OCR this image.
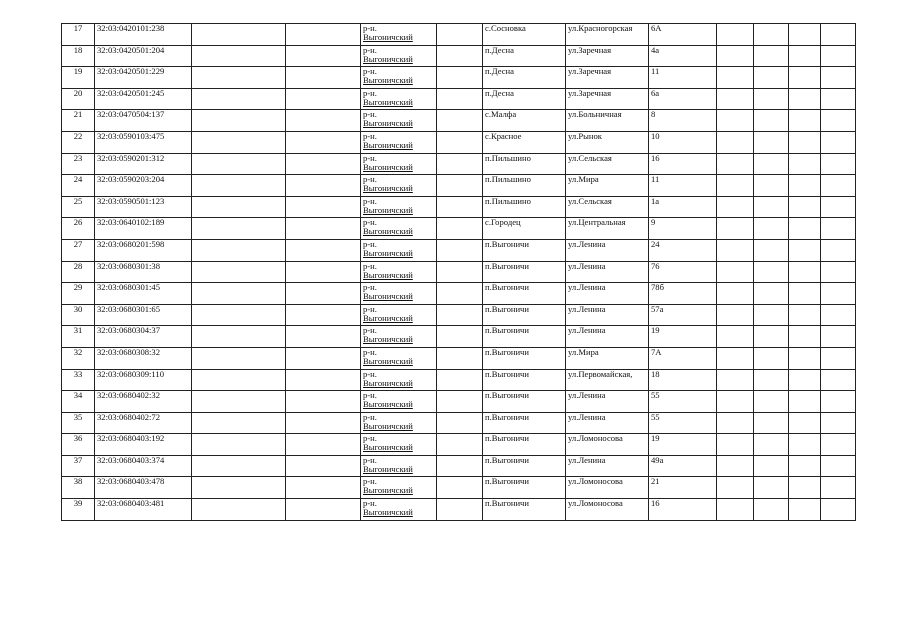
17	32:03:0420101:238			р-н.
Выгоничский		с.Сосновка	ул.Красногорская	6А				
18	32:03:0420501:204			р-н.
Выгоничский		п.Десна	ул.Заречная	4а				
19	32:03:0420501:229			р-н.
Выгоничский		п.Десна	ул.Заречная	11				
20	32:03:0420501:245			р-н.
Выгоничский		п.Десна	ул.Заречная	6а				
21	32:03:0470504:137			р-н.
Выгоничский		с.Малфа	ул.Больничная	8				
22	32:03:0590103:475			р-н.
Выгоничский		с.Красное	ул.Рынок	10				
23	32:03:0590201:312			р-н.
Выгоничский		п.Пильшино	ул.Сельская	16				
24	32:03:0590203:204			р-н.
Выгоничский		п.Пильшино	ул.Мира	11				
25	32:03:0590501:123			р-н.
Выгоничский		п.Пильшино	ул.Сельская	1а				
26	32:03:0640102:189			р-н.
Выгоничский		с.Городец	ул.Центральная	9				
27	32:03:0680201:598			р-н.
Выгоничский		п.Выгоничи	ул.Ленина	24				
28	32:03:0680301:38			р-н.
Выгоничский		п.Выгоничи	ул.Ленина	76				
29	32:03:0680301:45			р-н.
Выгоничский		п.Выгоничи	ул.Ленина	78б				
30	32:03:0680301:65			р-н.
Выгоничский		п.Выгоничи	ул.Ленина	57а				
31	32:03:0680304:37			р-н.
Выгоничский		п.Выгоничи	ул.Ленина	19				
32	32:03:0680308:32			р-н.
Выгоничский		п.Выгоничи	ул.Мира	7А				
33	32:03:0680309:110			р-н.
Выгоничский		п.Выгоничи	ул.Первомайская,	18				
34	32:03:0680402:32			р-н.
Выгоничский		п.Выгоничи	ул.Ленина	55				
35	32:03:0680402:72			р-н.
Выгоничский		п.Выгоничи	ул.Ленина	55				
36	32:03:0680403:192			р-н.
Выгоничский		п.Выгоничи	ул.Ломоносова	19				
37	32:03:0680403:374			р-н.
Выгоничский		п.Выгоничи	ул.Ленина	49а				
38	32:03:0680403:478			р-н.
Выгоничский		п.Выгоничи	ул.Ломоносова	21				
39	32:03:0680403:481			р-н.
Выгоничский		п.Выгоничи	ул.Ломоносова	16				
